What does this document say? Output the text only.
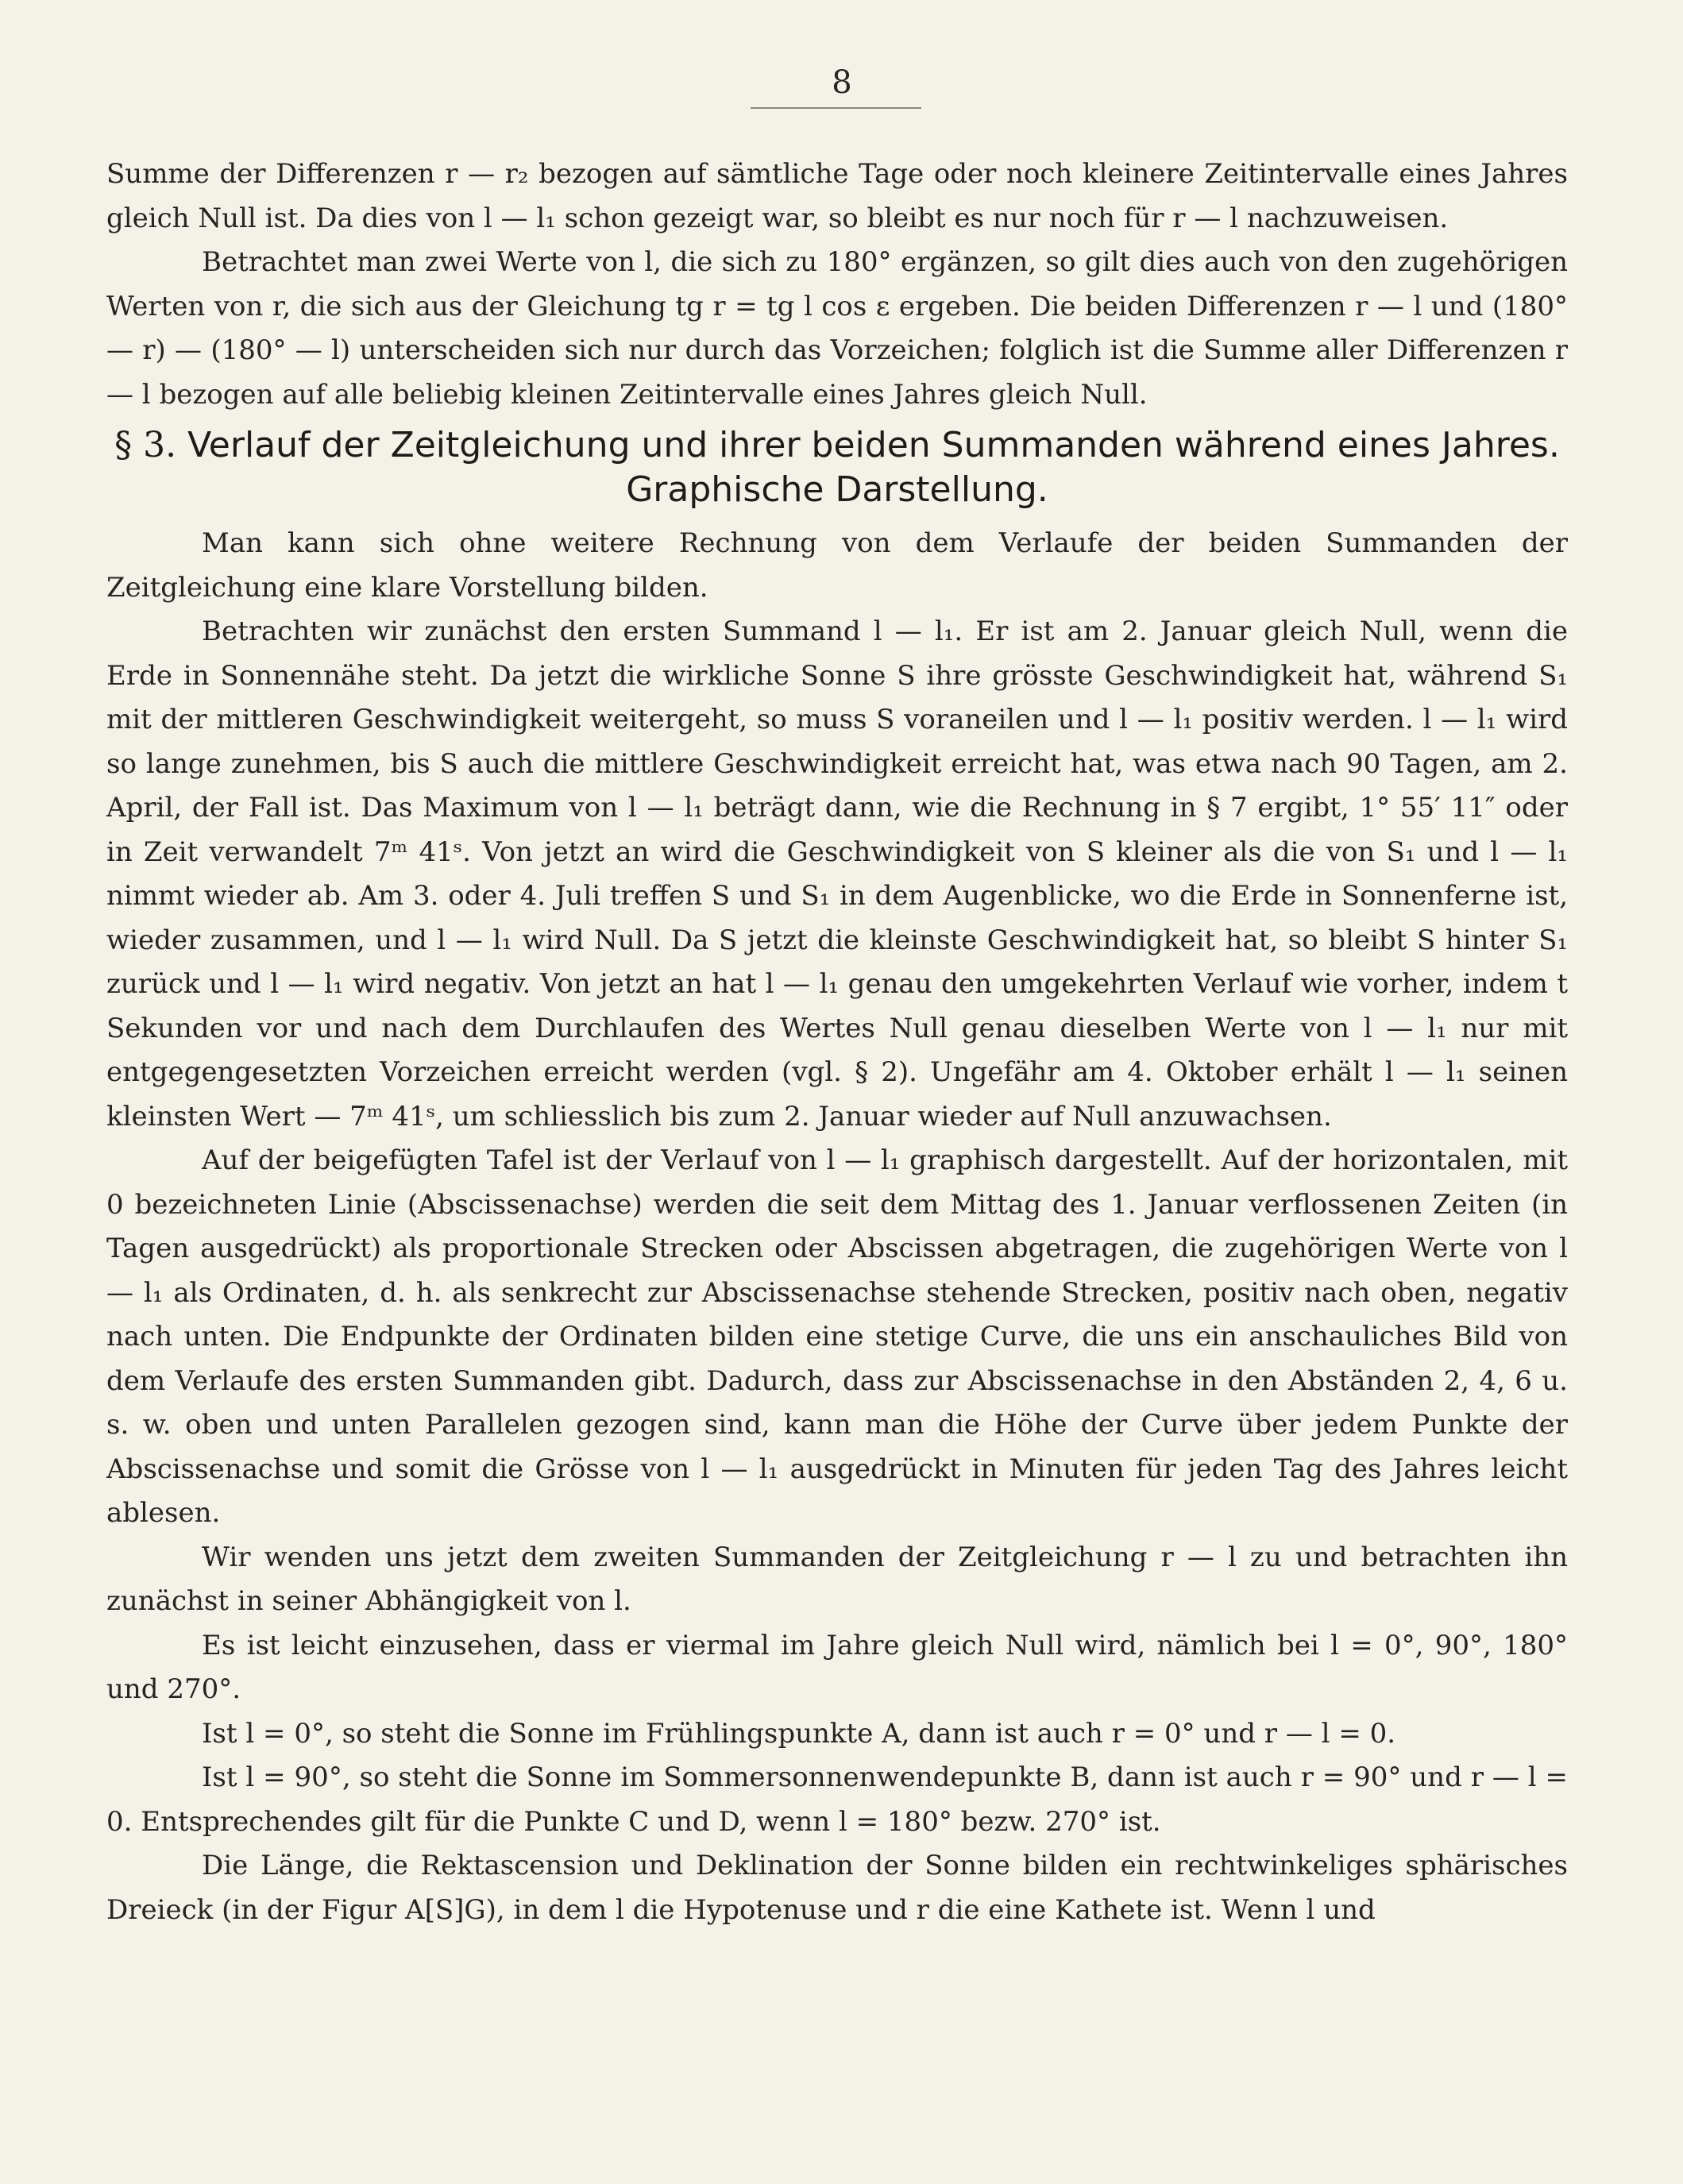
8

Summe der Differenzen r — r₂ bezogen auf sämtliche Tage oder noch kleinere Zeitintervalle eines Jahres gleich Null ist. Da dies von l — l₁ schon gezeigt war, so bleibt es nur noch für r — l nachzuweisen.

Betrachtet man zwei Werte von l, die sich zu 180° ergänzen, so gilt dies auch von den zugehörigen Werten von r, die sich aus der Gleichung tg r = tg l cos ε ergeben. Die beiden Differenzen r — l und (180° — r) — (180° — l) unterscheiden sich nur durch das Vorzeichen; folglich ist die Summe aller Differenzen r — l bezogen auf alle beliebig kleinen Zeitintervalle eines Jahres gleich Null.

§ 3. Verlauf der Zeitgleichung und ihrer beiden Summanden während eines Jahres.
Graphische Darstellung.

Man kann sich ohne weitere Rechnung von dem Verlaufe der beiden Summanden der Zeitgleichung eine klare Vorstellung bilden.

Betrachten wir zunächst den ersten Summand l — l₁. Er ist am 2. Januar gleich Null, wenn die Erde in Sonnennähe steht. Da jetzt die wirkliche Sonne S ihre grösste Geschwindigkeit hat, während S₁ mit der mittleren Geschwindigkeit weitergeht, so muss S voraneilen und l — l₁ positiv werden. l — l₁ wird so lange zunehmen, bis S auch die mittlere Geschwindigkeit erreicht hat, was etwa nach 90 Tagen, am 2. April, der Fall ist. Das Maximum von l — l₁ beträgt dann, wie die Rechnung in § 7 ergibt, 1° 55′ 11″ oder in Zeit verwandelt 7ᵐ 41ˢ. Von jetzt an wird die Geschwindigkeit von S kleiner als die von S₁ und l — l₁ nimmt wieder ab. Am 3. oder 4. Juli treffen S und S₁ in dem Augenblicke, wo die Erde in Sonnenferne ist, wieder zusammen, und l — l₁ wird Null. Da S jetzt die kleinste Geschwindigkeit hat, so bleibt S hinter S₁ zurück und l — l₁ wird negativ. Von jetzt an hat l — l₁ genau den umgekehrten Verlauf wie vorher, indem t Sekunden vor und nach dem Durchlaufen des Wertes Null genau dieselben Werte von l — l₁ nur mit entgegengesetzten Vorzeichen erreicht werden (vgl. § 2). Ungefähr am 4. Oktober erhält l — l₁ seinen kleinsten Wert — 7ᵐ 41ˢ, um schliesslich bis zum 2. Januar wieder auf Null anzuwachsen.

Auf der beigefügten Tafel ist der Verlauf von l — l₁ graphisch dargestellt. Auf der horizontalen, mit 0 bezeichneten Linie (Abscissenachse) werden die seit dem Mittag des 1. Januar verflossenen Zeiten (in Tagen ausgedrückt) als proportionale Strecken oder Abscissen abgetragen, die zugehörigen Werte von l — l₁ als Ordinaten, d. h. als senkrecht zur Abscissenachse stehende Strecken, positiv nach oben, negativ nach unten. Die Endpunkte der Ordinaten bilden eine stetige Curve, die uns ein anschauliches Bild von dem Verlaufe des ersten Summanden gibt. Dadurch, dass zur Abscissenachse in den Abständen 2, 4, 6 u. s. w. oben und unten Parallelen gezogen sind, kann man die Höhe der Curve über jedem Punkte der Abscissenachse und somit die Grösse von l — l₁ ausgedrückt in Minuten für jeden Tag des Jahres leicht ablesen.

Wir wenden uns jetzt dem zweiten Summanden der Zeitgleichung r — l zu und betrachten ihn zunächst in seiner Abhängigkeit von l.

Es ist leicht einzusehen, dass er viermal im Jahre gleich Null wird, nämlich bei l = 0°, 90°, 180° und 270°.

Ist l = 0°, so steht die Sonne im Frühlingspunkte A, dann ist auch r = 0° und r — l = 0.

Ist l = 90°, so steht die Sonne im Sommersonnenwendepunkte B, dann ist auch r = 90° und r — l = 0. Entsprechendes gilt für die Punkte C und D, wenn l = 180° bezw. 270° ist.

Die Länge, die Rektascension und Deklination der Sonne bilden ein rechtwinkeliges sphärisches Dreieck (in der Figur A[S]G), in dem l die Hypotenuse und r die eine Kathete ist. Wenn l und
